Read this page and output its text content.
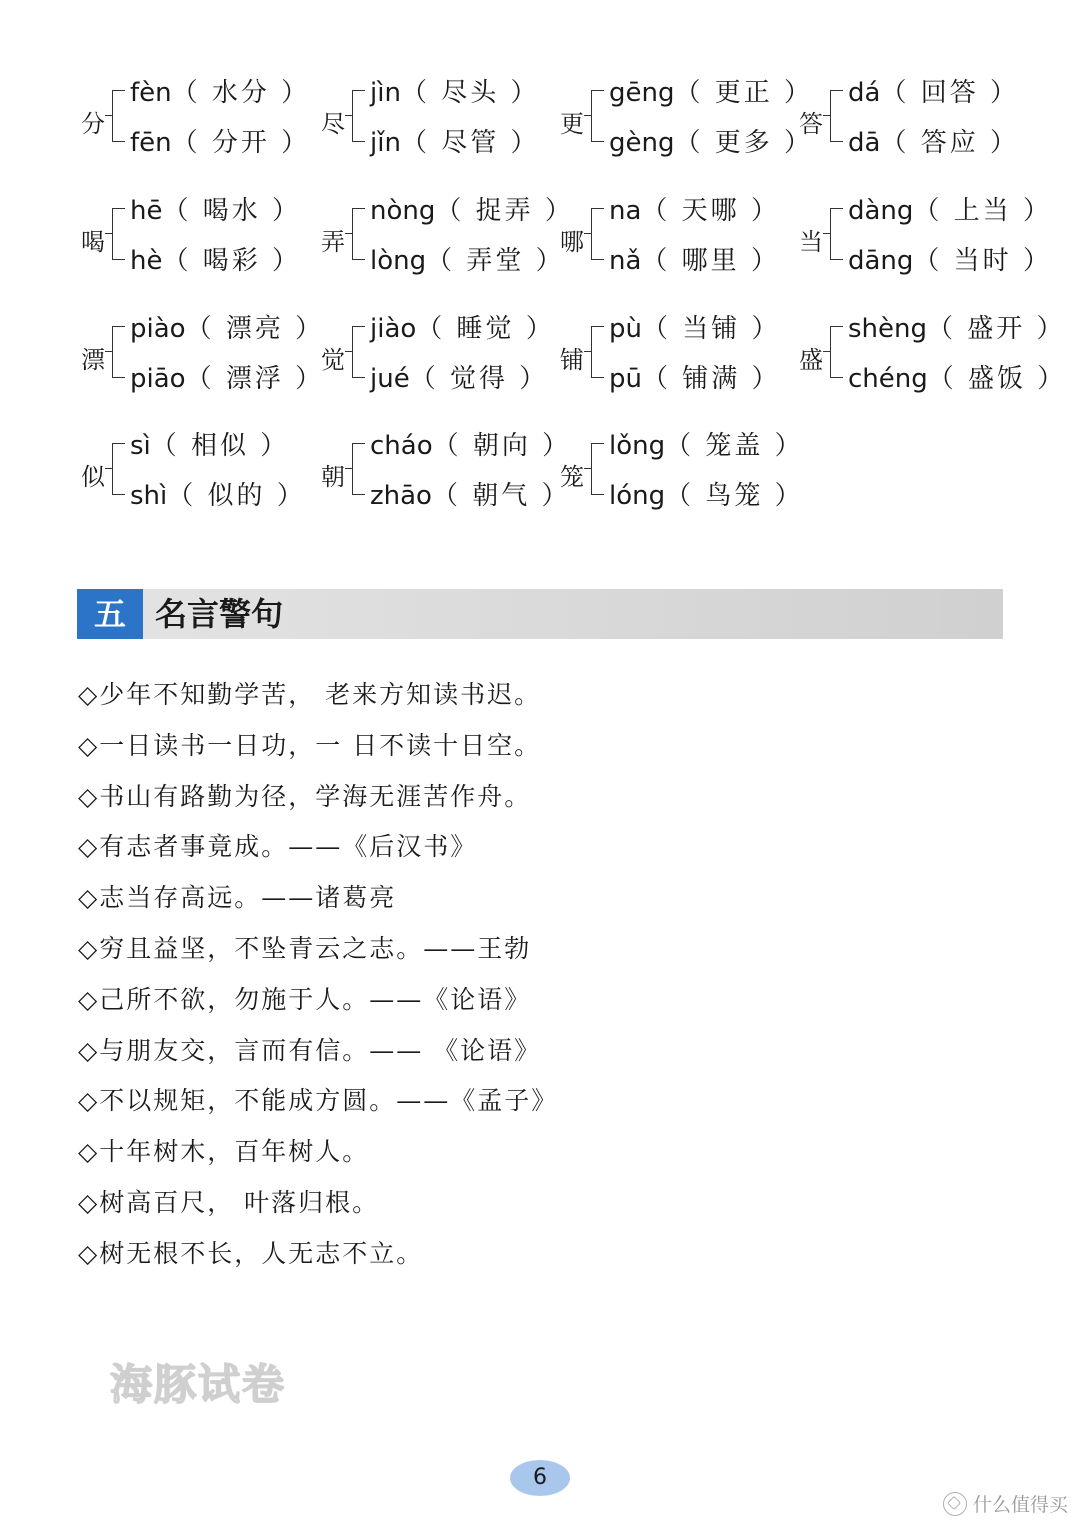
分
fèn（ 水分 ）
fēn（ 分开 ）
尽
jìn（ 尽头 ）
jǐn（ 尽管 ）
更
gēng（ 更正 ）
gèng（ 更多 ）
答
dá（ 回答 ）
dā（ 答应 ）
喝
hē（ 喝水 ）
hè（ 喝彩 ）
弄
nòng（ 捉弄 ）
lòng（ 弄堂 ）
哪
na（ 天哪 ）
nǎ（ 哪里 ）
当
dàng（ 上当 ）
dāng（ 当时 ）
漂
piào（ 漂亮 ）
piāo（ 漂浮 ）
觉
jiào（ 睡觉 ）
jué（ 觉得 ）
铺
pù（ 当铺 ）
pū（ 铺满 ）
盛
shèng（ 盛开 ）
chéng（ 盛饭 ）
似
sì（ 相似 ）
shì（ 似的 ）
朝
cháo（ 朝向 ）
zhāo（ 朝气 ）
笼
lǒng（ 笼盖 ）
lóng（ 鸟笼 ）
五 名言警句
◇少年不知勤学苦， 老来方知读书迟。
◇一日读书一日功，一 日不读十日空。
◇书山有路勤为径，学海无涯苦作舟。
◇有志者事竟成。——《后汉书》
◇志当存高远。——诸葛亮
◇穷且益坚，不坠青云之志。——王勃
◇己所不欲，勿施于人。——《论语》
◇与朋友交，言而有信。—— 《论语》
◇不以规矩，不能成方圆。——《孟子》
◇十年树木，百年树人。
◇树高百尺， 叶落归根。
◇树无根不长，人无志不立。
海豚试卷
6
什么值得买
